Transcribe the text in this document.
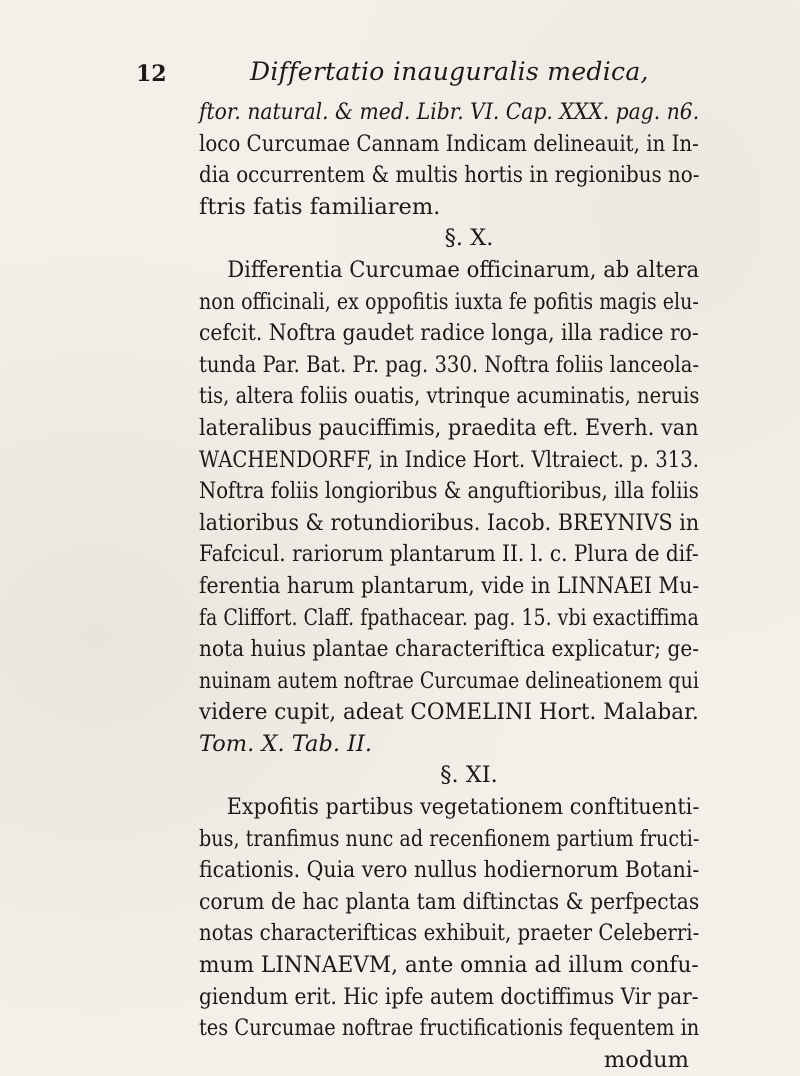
12	Differtatio inauguralis medica,
ftor. natural. & med. Libr. VI. Cap. XXX. pag. n6.
loco Curcumae Cannam Indicam delineauit, in In-
dia occurrentem & multis hortis in regionibus no-
ftris fatis familiarem.
§. X.
Differentia Curcumae officinarum, ab altera
non officinali, ex oppofitis iuxta fe pofitis magis elu-
cefcit. Noftra gaudet radice longa, illa radice ro-
tunda Par. Bat. Pr. pag. 330. Noftra foliis lanceola-
tis, altera foliis ouatis, vtrinque acuminatis, neruis
lateralibus pauciffimis, praedita eft. Everh. van
WACHENDORFF, in Indice Hort. Vltraiect. p. 313.
Noftra foliis longioribus & anguftioribus, illa foliis
latioribus & rotundioribus. Iacob. BREYNIVS in
Fafcicul. rariorum plantarum II. l. c. Plura de dif-
ferentia harum plantarum, vide in LINNAEI Mu-
fa Cliffort. Claff. fpathacear. pag. 15. vbi exactiffima
nota huius plantae characteriftica explicatur; ge-
nuinam autem noftrae Curcumae delineationem qui
videre cupit, adeat COMELINI Hort. Malabar.
Tom. X. Tab. II.
§. XI.
Expofitis partibus vegetationem conftituenti-
bus, tranfimus nunc ad recenfionem partium fructi-
ficationis. Quia vero nullus hodiernorum Botani-
corum de hac planta tam diftinctas & perfpectas
notas characterifticas exhibuit, praeter Celeberri-
mum LINNAEVM, ante omnia ad illum confu-
giendum erit. Hic ipfe autem doctiffimus Vir par-
tes Curcumae noftrae fructificationis fequentem in
modum
